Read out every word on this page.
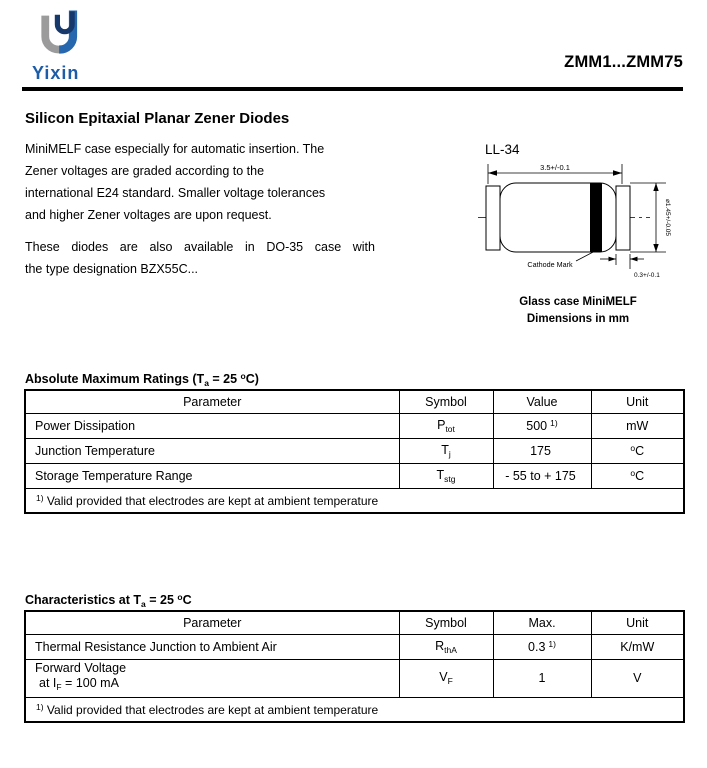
Yixin
ZMM1...ZMM75
Silicon Epitaxial Planar Zener Diodes
MiniMELF case especially for automatic insertion. The
Zener voltages are graded according to the
international E24 standard. Smaller voltage tolerances
and higher Zener voltages are upon request.
These diodes are also available in DO-35 case with
the type designation BZX55C...
LL-34
3.5+/-0.1
⌀1.45+/-0.05
0.3+/-0.1
Cathode Mark
Glass case MiniMELF
Dimensions in mm
Absolute Maximum Ratings ($T_a = 25$ $^o$C)
Parameter	Symbol	Value	Unit
Power Dissipation	$P_{tot}$	500 $^{1)}$	mW
Junction Temperature	$T_j$	175	$^o$C
Storage Temperature Range	$T_{stg}$	- 55 to + 175	$^o$C
$^{1)}$ Valid provided that electrodes are kept at ambient temperature			
Characteristics at $T_a = 25$ $^o$C
Parameter	Symbol	Max.	Unit
Thermal Resistance Junction to Ambient Air	$R_{thA}$	0.3 $^{1)}$	K/mW

Forward Voltage
at $I_F = 100$ mA	$V_F$	1	V
$^{1)}$ Valid provided that electrodes are kept at ambient temperature			
